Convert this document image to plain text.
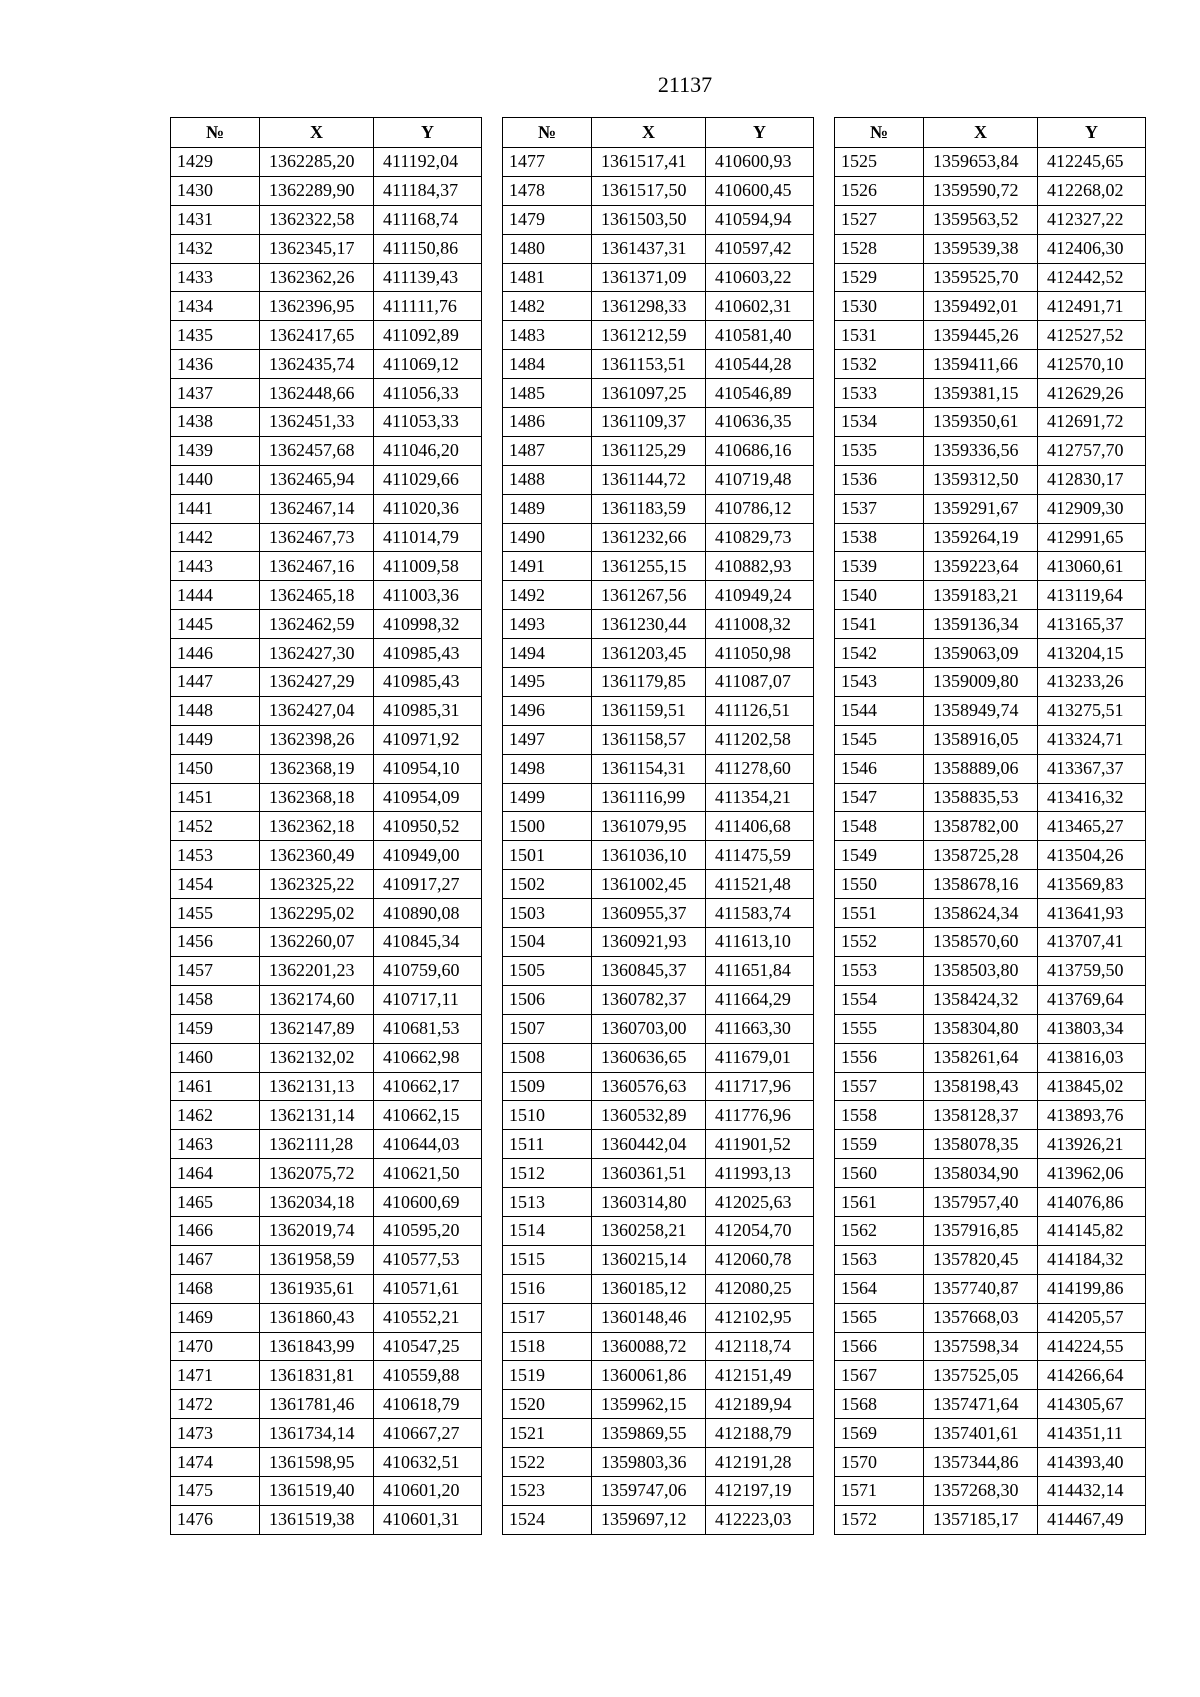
21137
№	X	Y
1429	1362285,20	411192,04
1430	1362289,90	411184,37
1431	1362322,58	411168,74
1432	1362345,17	411150,86
1433	1362362,26	411139,43
1434	1362396,95	411111,76
1435	1362417,65	411092,89
1436	1362435,74	411069,12
1437	1362448,66	411056,33
1438	1362451,33	411053,33
1439	1362457,68	411046,20
1440	1362465,94	411029,66
1441	1362467,14	411020,36
1442	1362467,73	411014,79
1443	1362467,16	411009,58
1444	1362465,18	411003,36
1445	1362462,59	410998,32
1446	1362427,30	410985,43
1447	1362427,29	410985,43
1448	1362427,04	410985,31
1449	1362398,26	410971,92
1450	1362368,19	410954,10
1451	1362368,18	410954,09
1452	1362362,18	410950,52
1453	1362360,49	410949,00
1454	1362325,22	410917,27
1455	1362295,02	410890,08
1456	1362260,07	410845,34
1457	1362201,23	410759,60
1458	1362174,60	410717,11
1459	1362147,89	410681,53
1460	1362132,02	410662,98
1461	1362131,13	410662,17
1462	1362131,14	410662,15
1463	1362111,28	410644,03
1464	1362075,72	410621,50
1465	1362034,18	410600,69
1466	1362019,74	410595,20
1467	1361958,59	410577,53
1468	1361935,61	410571,61
1469	1361860,43	410552,21
1470	1361843,99	410547,25
1471	1361831,81	410559,88
1472	1361781,46	410618,79
1473	1361734,14	410667,27
1474	1361598,95	410632,51
1475	1361519,40	410601,20
1476	1361519,38	410601,31
№	X	Y
1477	1361517,41	410600,93
1478	1361517,50	410600,45
1479	1361503,50	410594,94
1480	1361437,31	410597,42
1481	1361371,09	410603,22
1482	1361298,33	410602,31
1483	1361212,59	410581,40
1484	1361153,51	410544,28
1485	1361097,25	410546,89
1486	1361109,37	410636,35
1487	1361125,29	410686,16
1488	1361144,72	410719,48
1489	1361183,59	410786,12
1490	1361232,66	410829,73
1491	1361255,15	410882,93
1492	1361267,56	410949,24
1493	1361230,44	411008,32
1494	1361203,45	411050,98
1495	1361179,85	411087,07
1496	1361159,51	411126,51
1497	1361158,57	411202,58
1498	1361154,31	411278,60
1499	1361116,99	411354,21
1500	1361079,95	411406,68
1501	1361036,10	411475,59
1502	1361002,45	411521,48
1503	1360955,37	411583,74
1504	1360921,93	411613,10
1505	1360845,37	411651,84
1506	1360782,37	411664,29
1507	1360703,00	411663,30
1508	1360636,65	411679,01
1509	1360576,63	411717,96
1510	1360532,89	411776,96
1511	1360442,04	411901,52
1512	1360361,51	411993,13
1513	1360314,80	412025,63
1514	1360258,21	412054,70
1515	1360215,14	412060,78
1516	1360185,12	412080,25
1517	1360148,46	412102,95
1518	1360088,72	412118,74
1519	1360061,86	412151,49
1520	1359962,15	412189,94
1521	1359869,55	412188,79
1522	1359803,36	412191,28
1523	1359747,06	412197,19
1524	1359697,12	412223,03
№	X	Y
1525	1359653,84	412245,65
1526	1359590,72	412268,02
1527	1359563,52	412327,22
1528	1359539,38	412406,30
1529	1359525,70	412442,52
1530	1359492,01	412491,71
1531	1359445,26	412527,52
1532	1359411,66	412570,10
1533	1359381,15	412629,26
1534	1359350,61	412691,72
1535	1359336,56	412757,70
1536	1359312,50	412830,17
1537	1359291,67	412909,30
1538	1359264,19	412991,65
1539	1359223,64	413060,61
1540	1359183,21	413119,64
1541	1359136,34	413165,37
1542	1359063,09	413204,15
1543	1359009,80	413233,26
1544	1358949,74	413275,51
1545	1358916,05	413324,71
1546	1358889,06	413367,37
1547	1358835,53	413416,32
1548	1358782,00	413465,27
1549	1358725,28	413504,26
1550	1358678,16	413569,83
1551	1358624,34	413641,93
1552	1358570,60	413707,41
1553	1358503,80	413759,50
1554	1358424,32	413769,64
1555	1358304,80	413803,34
1556	1358261,64	413816,03
1557	1358198,43	413845,02
1558	1358128,37	413893,76
1559	1358078,35	413926,21
1560	1358034,90	413962,06
1561	1357957,40	414076,86
1562	1357916,85	414145,82
1563	1357820,45	414184,32
1564	1357740,87	414199,86
1565	1357668,03	414205,57
1566	1357598,34	414224,55
1567	1357525,05	414266,64
1568	1357471,64	414305,67
1569	1357401,61	414351,11
1570	1357344,86	414393,40
1571	1357268,30	414432,14
1572	1357185,17	414467,49
